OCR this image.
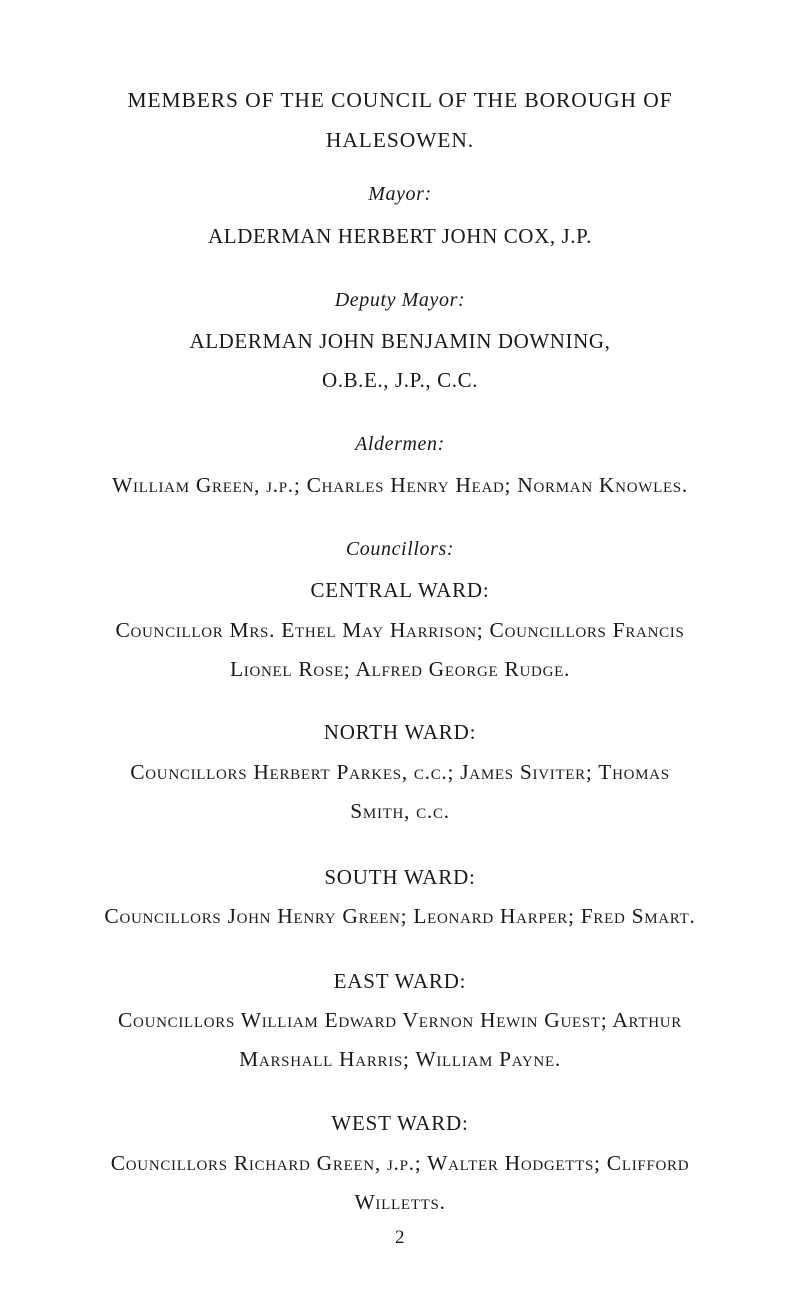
MEMBERS OF THE COUNCIL OF THE BOROUGH OF
HALESOWEN.
Mayor:
ALDERMAN HERBERT JOHN COX, J.P.
Deputy Mayor:
ALDERMAN JOHN BENJAMIN DOWNING,
O.B.E., J.P., C.C.
Aldermen:
William Green, j.p.; Charles Henry Head; Norman Knowles.
Councillors:
CENTRAL WARD:
Councillor Mrs. Ethel May Harrison; Councillors Francis
Lionel Rose; Alfred George Rudge.
NORTH WARD:
Councillors Herbert Parkes, c.c.; James Siviter; Thomas
Smith, c.c.
SOUTH WARD:
Councillors John Henry Green; Leonard Harper; Fred Smart.
EAST WARD:
Councillors William Edward Vernon Hewin Guest; Arthur
Marshall Harris; William Payne.
WEST WARD:
Councillors Richard Green, j.p.; Walter Hodgetts; Clifford
Willetts.
2
